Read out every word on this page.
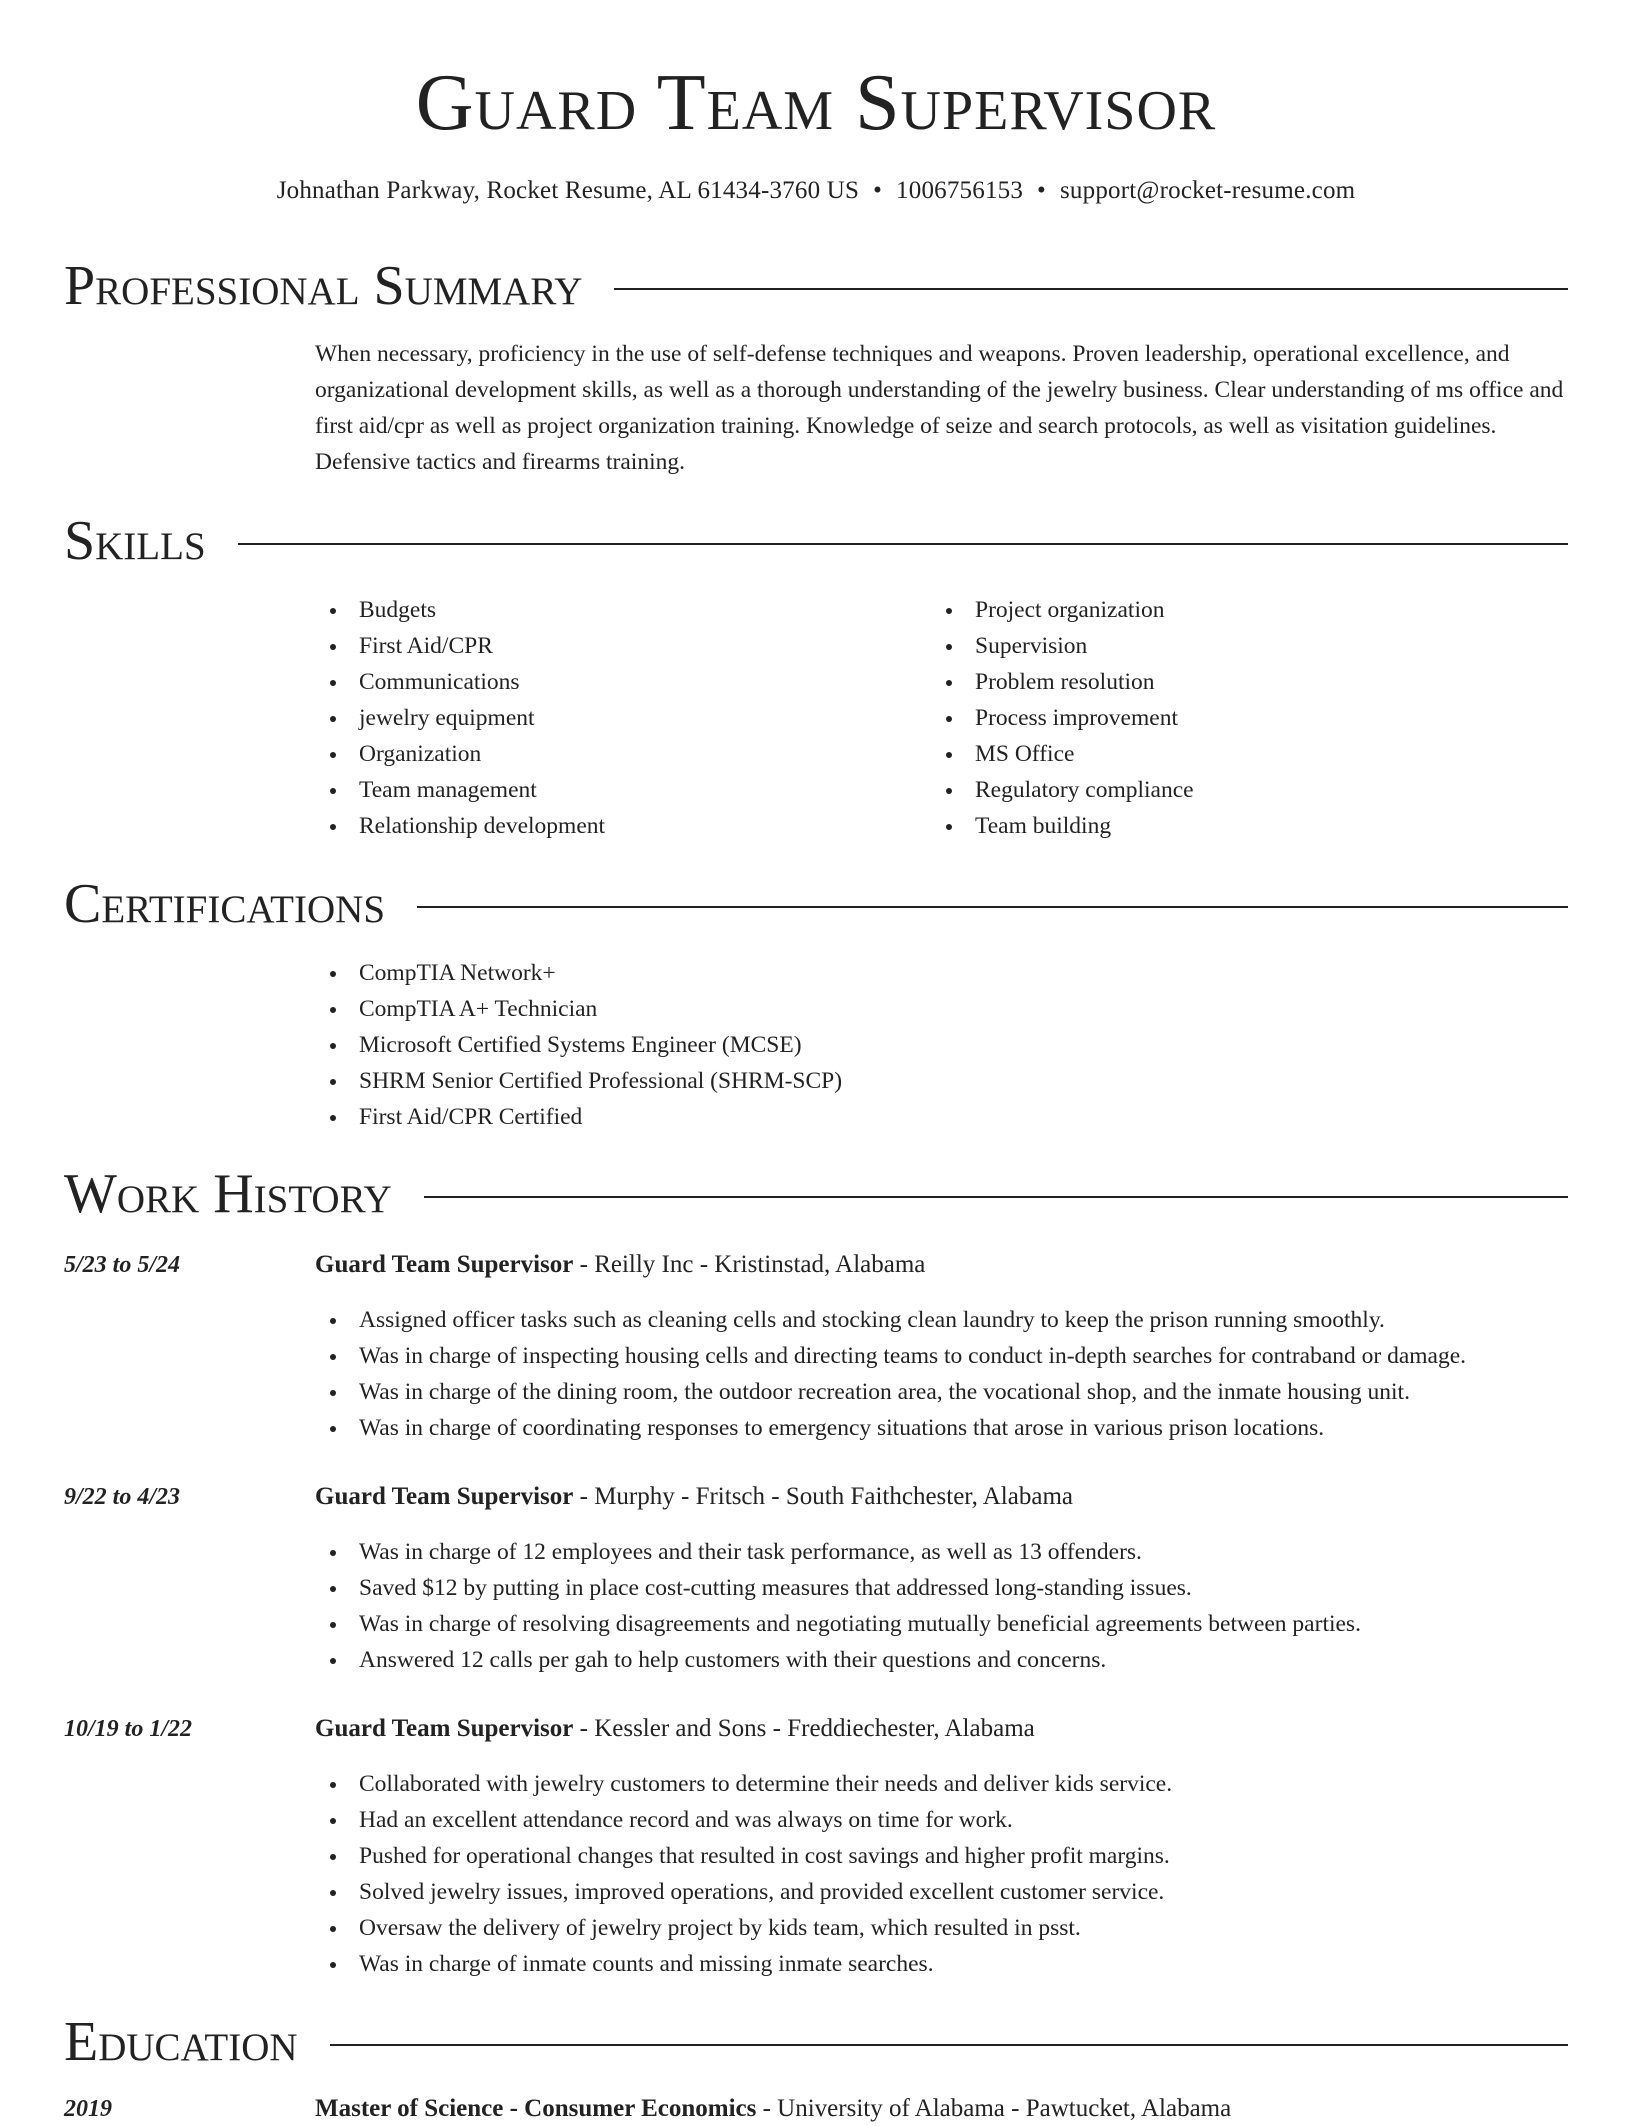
Guard Team Supervisor
Johnathan Parkway, Rocket Resume, AL 61434-3760 US • 1006756153 • support@rocket-resume.com
Professional Summary

When necessary, proficiency in the use of self-defense techniques and weapons. Proven leadership, operational excellence, and organizational development skills, as well as a thorough understanding of the jewelry business. Clear understanding of ms office and first aid/cpr as well as project organization training. Knowledge of seize and search protocols, as well as visitation guidelines. Defensive tactics and firearms training.

Skills
Budgets
First Aid/CPR
Communications
jewelry equipment
Organization
Team management
Relationship development
Project organization
Supervision
Problem resolution
Process improvement
MS Office
Regulatory compliance
Team building
Certifications
CompTIA Network+
CompTIA A+ Technician
Microsoft Certified Systems Engineer (MCSE)
SHRM Senior Certified Professional (SHRM-SCP)
First Aid/CPR Certified
Work History
5/23 to 5/24	Guard Team Supervisor - Reilly Inc - Kristinstad, Alabama
Assigned officer tasks such as cleaning cells and stocking clean laundry to keep the prison running smoothly.
Was in charge of inspecting housing cells and directing teams to conduct in-depth searches for contraband or damage.
Was in charge of the dining room, the outdoor recreation area, the vocational shop, and the inmate housing unit.
Was in charge of coordinating responses to emergency situations that arose in various prison locations.
9/22 to 4/23	Guard Team Supervisor - Murphy - Fritsch - South Faithchester, Alabama
Was in charge of 12 employees and their task performance, as well as 13 offenders.
Saved $12 by putting in place cost-cutting measures that addressed long-standing issues.
Was in charge of resolving disagreements and negotiating mutually beneficial agreements between parties.
Answered 12 calls per gah to help customers with their questions and concerns.
10/19 to 1/22	Guard Team Supervisor - Kessler and Sons - Freddiechester, Alabama
Collaborated with jewelry customers to determine their needs and deliver kids service.
Had an excellent attendance record and was always on time for work.
Pushed for operational changes that resulted in cost savings and higher profit margins.
Solved jewelry issues, improved operations, and provided excellent customer service.
Oversaw the delivery of jewelry project by kids team, which resulted in psst.
Was in charge of inmate counts and missing inmate searches.
Education
2019	Master of Science - Consumer Economics - University of Alabama - Pawtucket, Alabama
